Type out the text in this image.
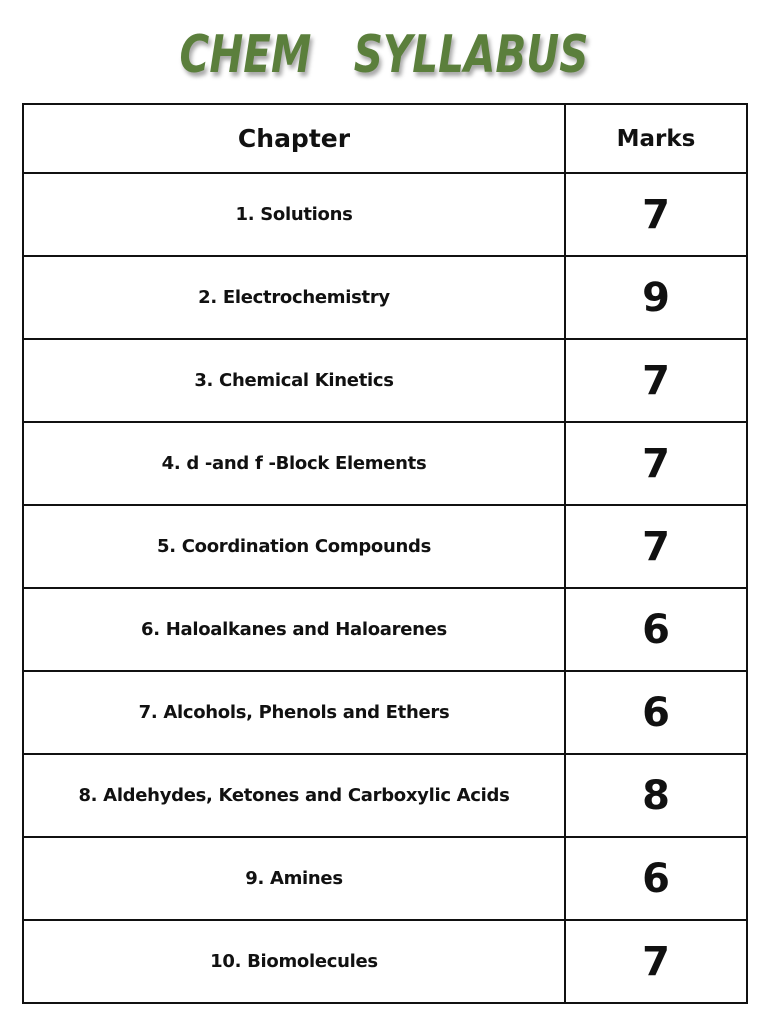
CHEM   SYLLABUS
Chapter	Marks
1. Solutions	7
2. Electrochemistry	9
3. Chemical Kinetics	7
4. d -and f -Block Elements	7
5. Coordination Compounds	7
6. Haloalkanes and Haloarenes	6
7. Alcohols, Phenols and Ethers	6
8. Aldehydes, Ketones and Carboxylic Acids	8
9. Amines	6
10. Biomolecules	7
